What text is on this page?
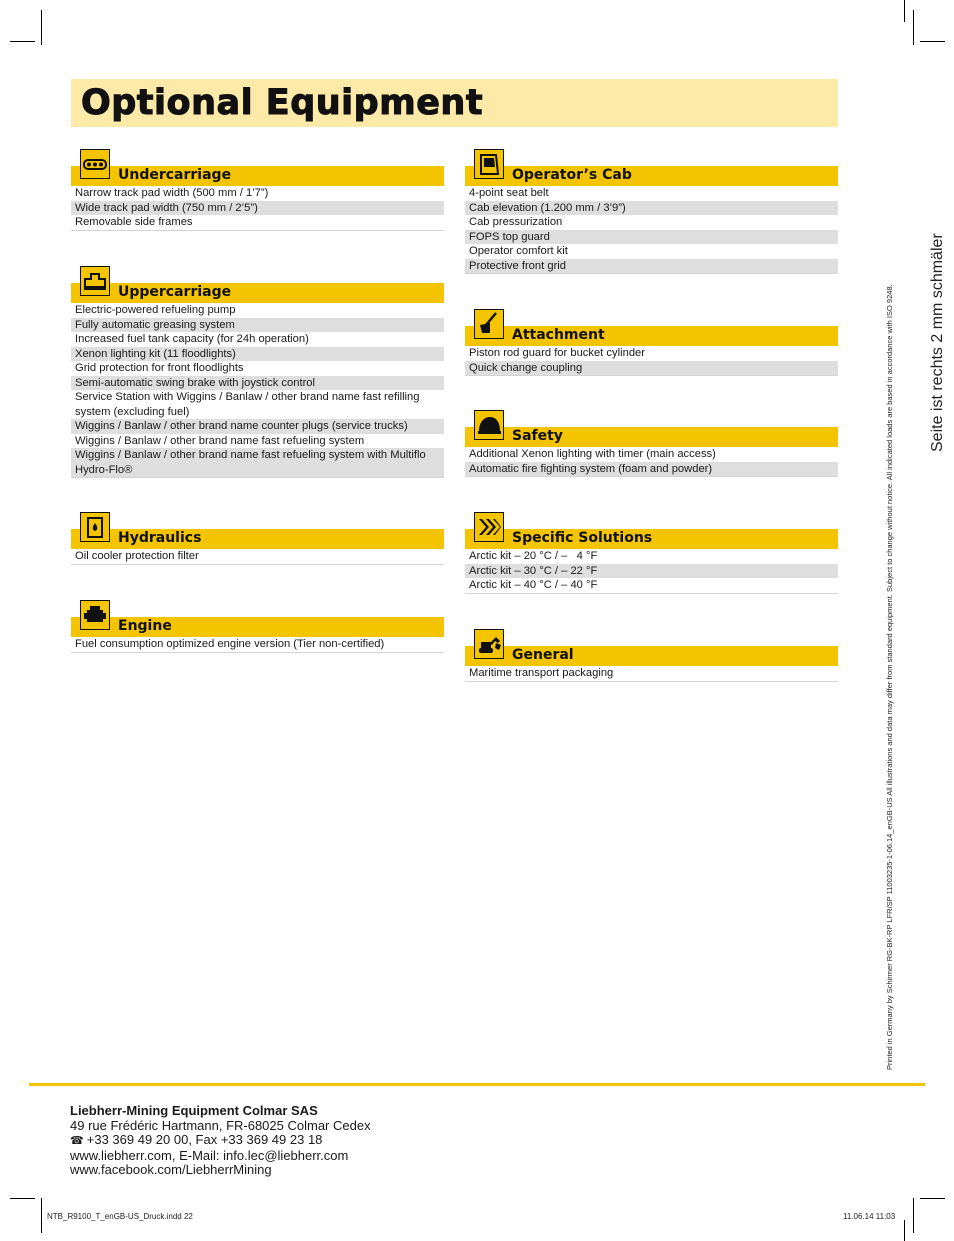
Optional Equipment
Undercarriage
Narrow track pad width (500 mm / 1’7”)
Wide track pad width (750 mm / 2’5”)
Removable side frames
Uppercarriage
Electric-powered refueling pump
Fully automatic greasing system
Increased fuel tank capacity (for 24h operation)
Xenon lighting kit (11 floodlights)
Grid protection for front floodlights
Semi-automatic swing brake with joystick control
Service Station with Wiggins / Banlaw / other brand name fast refilling system (excluding fuel)
Wiggins / Banlaw / other brand name counter plugs (service trucks)
Wiggins / Banlaw / other brand name fast refueling system
Wiggins / Banlaw / other brand name fast refueling system with Multiflo Hydro-Flo®
Hydraulics
Oil cooler protection filter
Engine
Fuel consumption optimized engine version (Tier non-certified)
Operator’s Cab
4-point seat belt
Cab elevation (1.200 mm / 3’9”)
Cab pressurization
FOPS top guard
Operator comfort kit
Protective front grid
Attachment
Piston rod guard for bucket cylinder
Quick change coupling
Safety
Additional Xenon lighting with timer (main access)
Automatic fire fighting system (foam and powder)
Specific Solutions
Arctic kit – 20 °C / –   4 °F
Arctic kit – 30 °C / – 22 °F
Arctic kit – 40 °C / – 40 °F
General
Maritime transport packaging	Printed in Germany by Schirmer RG-BK-RP LFR/SP 11003235-1-06.14_enGB-US All illustrations and data may differ from standard equipment. Subject to change without notice. All indicated loads are based in accordance with ISO 9248. Seite ist rechts 2 mm schmäler
Liebherr-Mining Equipment Colmar SAS
49 rue Frédéric Hartmann, FR-68025 Colmar Cedex
☎ +33 369 49 20 00, Fax +33 369 49 23 18
www.liebherr.com, E-Mail: info.lec@liebherr.com
www.facebook.com/LiebherrMining
NTB_R9100_T_enGB-US_Druck.indd 22	11.06.14 11:03
